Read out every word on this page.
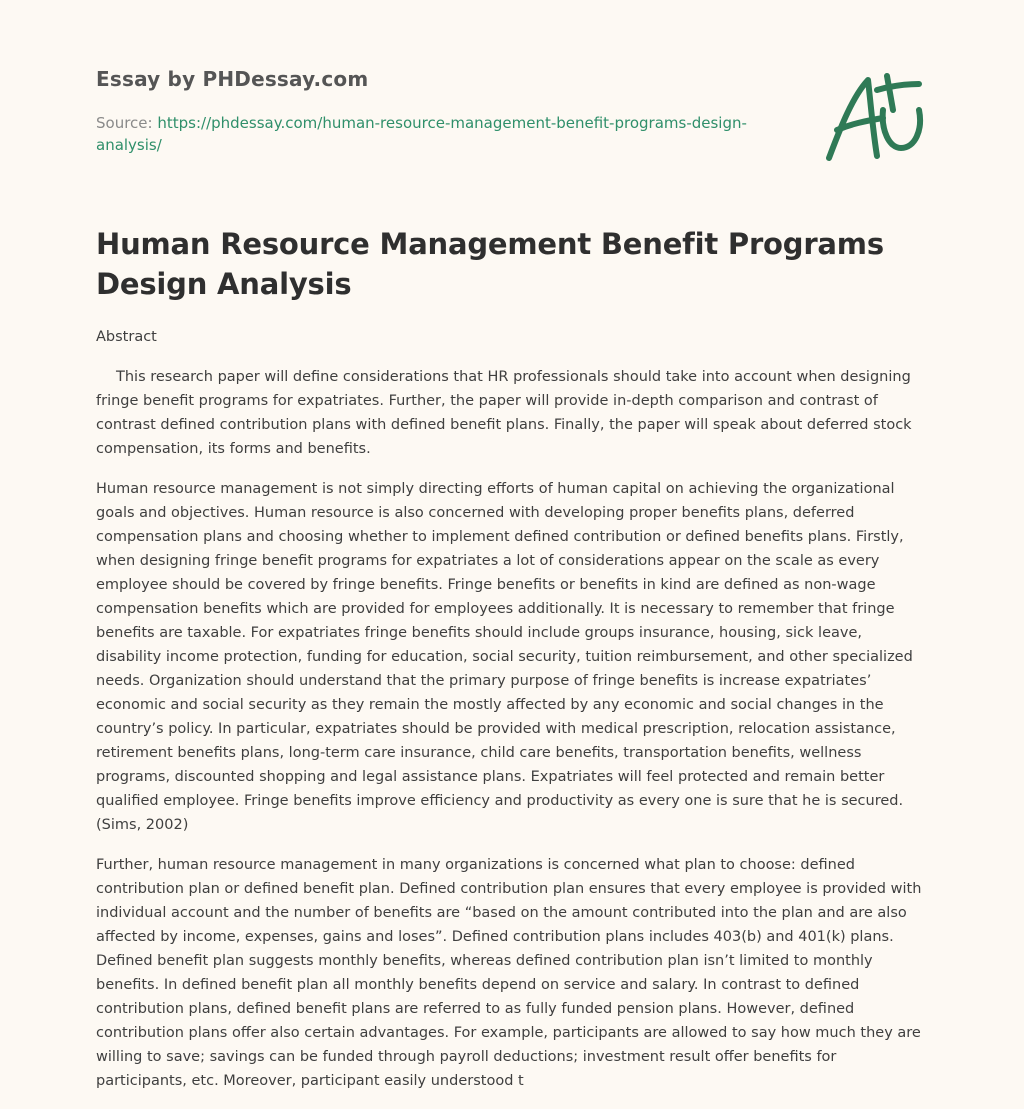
Essay by PHDessay.com

Source: https://phdessay.com/human-resource-management-benefit-programs-design-analysis/

Human Resource Management Benefit Programs Design Analysis

Abstract

This research paper will define considerations that HR professionals should take into account when designing fringe benefit programs for expatriates. Further, the paper will provide in-depth comparison and contrast of contrast defined contribution plans with defined benefit plans. Finally, the paper will speak about deferred stock compensation, its forms and benefits.

Human resource management is not simply directing efforts of human capital on achieving the organizational goals and objectives. Human resource is also concerned with developing proper benefits plans, deferred compensation plans and choosing whether to implement defined contribution or defined benefits plans. Firstly, when designing fringe benefit programs for expatriates a lot of considerations appear on the scale as every employee should be covered by fringe benefits. Fringe benefits or benefits in kind are defined as non-wage compensation benefits which are provided for employees additionally. It is necessary to remember that fringe benefits are taxable. For expatriates fringe benefits should include groups insurance, housing, sick leave, disability income protection, funding for education, social security, tuition reimbursement, and other specialized needs. Organization should understand that the primary purpose of fringe benefits is increase expatriates’ economic and social security as they remain the mostly affected by any economic and social changes in the country’s policy. In particular, expatriates should be provided with medical prescription, relocation assistance, retirement benefits plans, long-term care insurance, child care benefits, transportation benefits, wellness programs, discounted shopping and legal assistance plans. Expatriates will feel protected and remain better qualified employee. Fringe benefits improve efficiency and productivity as every one is sure that he is secured. (Sims, 2002)

Further, human resource management in many organizations is concerned what plan to choose: defined contribution plan or defined benefit plan. Defined contribution plan ensures that every employee is provided with individual account and the number of benefits are “based on the amount contributed into the plan and are also affected by income, expenses, gains and loses”. Defined contribution plans includes 403(b) and 401(k) plans. Defined benefit plan suggests monthly benefits, whereas defined contribution plan isn’t limited to monthly benefits. In defined benefit plan all monthly benefits depend on service and salary. In contrast to defined contribution plans, defined benefit plans are referred to as fully funded pension plans. However, defined contribution plans offer also certain advantages. For example, participants are allowed to say how much they are willing to save; savings can be funded through payroll deductions; investment result offer benefits for participants, etc. Moreover, participant easily understood t
